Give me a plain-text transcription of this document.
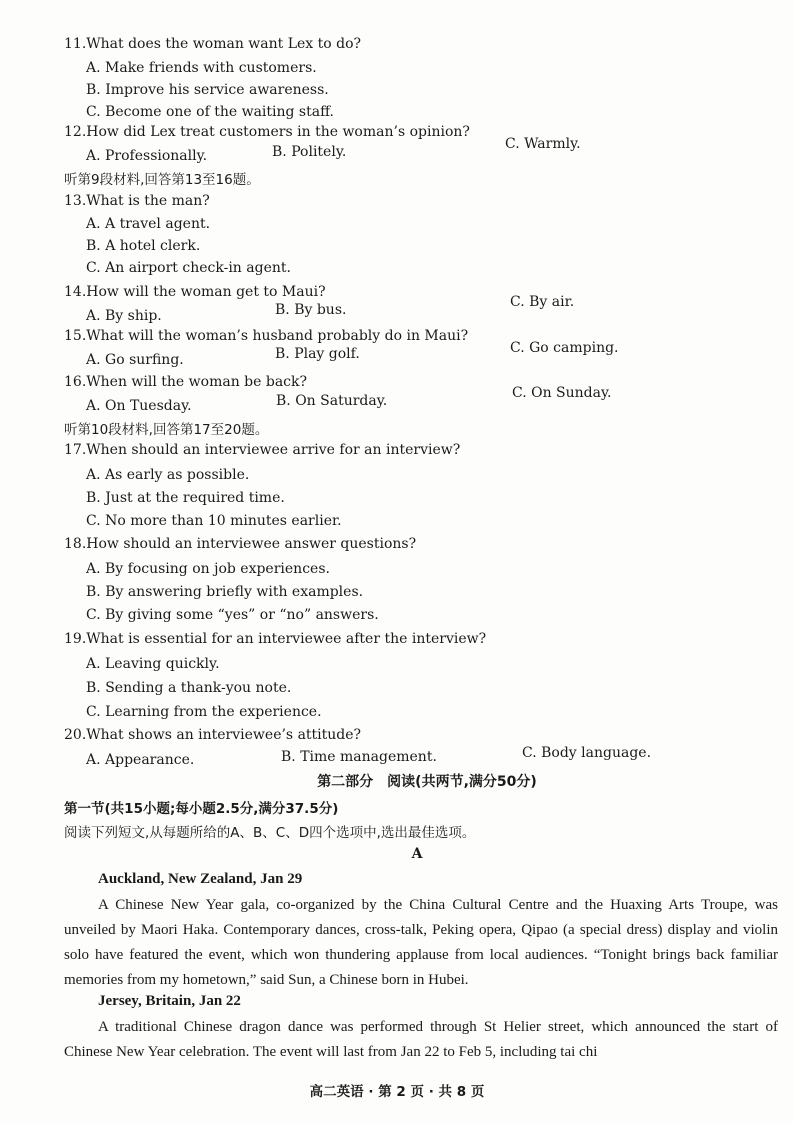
11.What does the woman want Lex to do?
A. Make friends with customers.
B. Improve his service awareness.
C. Become one of the waiting staff.
12.How did Lex treat customers in the woman’s opinion?
A. Professionally.	B. Politely.	C. Warmly.
听第9段材料,回答第13至16题。
13.What is the man?
A. A travel agent.
B. A hotel clerk.
C. An airport check-in agent.
14.How will the woman get to Maui?
A. By ship.	B. By bus.	C. By air.
15.What will the woman’s husband probably do in Maui?
A. Go surfing.	B. Play golf.	C. Go camping.
16.When will the woman be back?
A. On Tuesday.	B. On Saturday.	C. On Sunday.
听第10段材料,回答第17至20题。
17.When should an interviewee arrive for an interview?
A. As early as possible.
B. Just at the required time.
C. No more than 10 minutes earlier.
18.How should an interviewee answer questions?
A. By focusing on job experiences.
B. By answering briefly with examples.
C. By giving some “yes” or “no” answers.
19.What is essential for an interviewee after the interview?
A. Leaving quickly.
B. Sending a thank-you note.
C. Learning from the experience.
20.What shows an interviewee’s attitude?
A. Appearance.	B. Time management.	C. Body language.
第二部分　阅读(共两节,满分50分)
第一节(共15小题;每小题2.5分,满分37.5分)
阅读下列短文,从每题所给的A、B、C、D四个选项中,选出最佳选项。
A
Auckland, New Zealand, Jan 29
A Chinese New Year gala, co-organized by the China Cultural Centre and the Huaxing Arts Troupe, was unveiled by Maori Haka. Contemporary dances, cross-talk, Peking opera, Qipao (a special dress) display and violin solo have featured the event, which won thundering applause from local audiences. “Tonight brings back familiar memories from my hometown,” said Sun, a Chinese born in Hubei.
Jersey, Britain, Jan 22
A traditional Chinese dragon dance was performed through St Helier street, which announced the start of Chinese New Year celebration. The event will last from Jan 22 to Feb 5, including tai chi
高二英语 · 第 2 页 · 共 8 页
